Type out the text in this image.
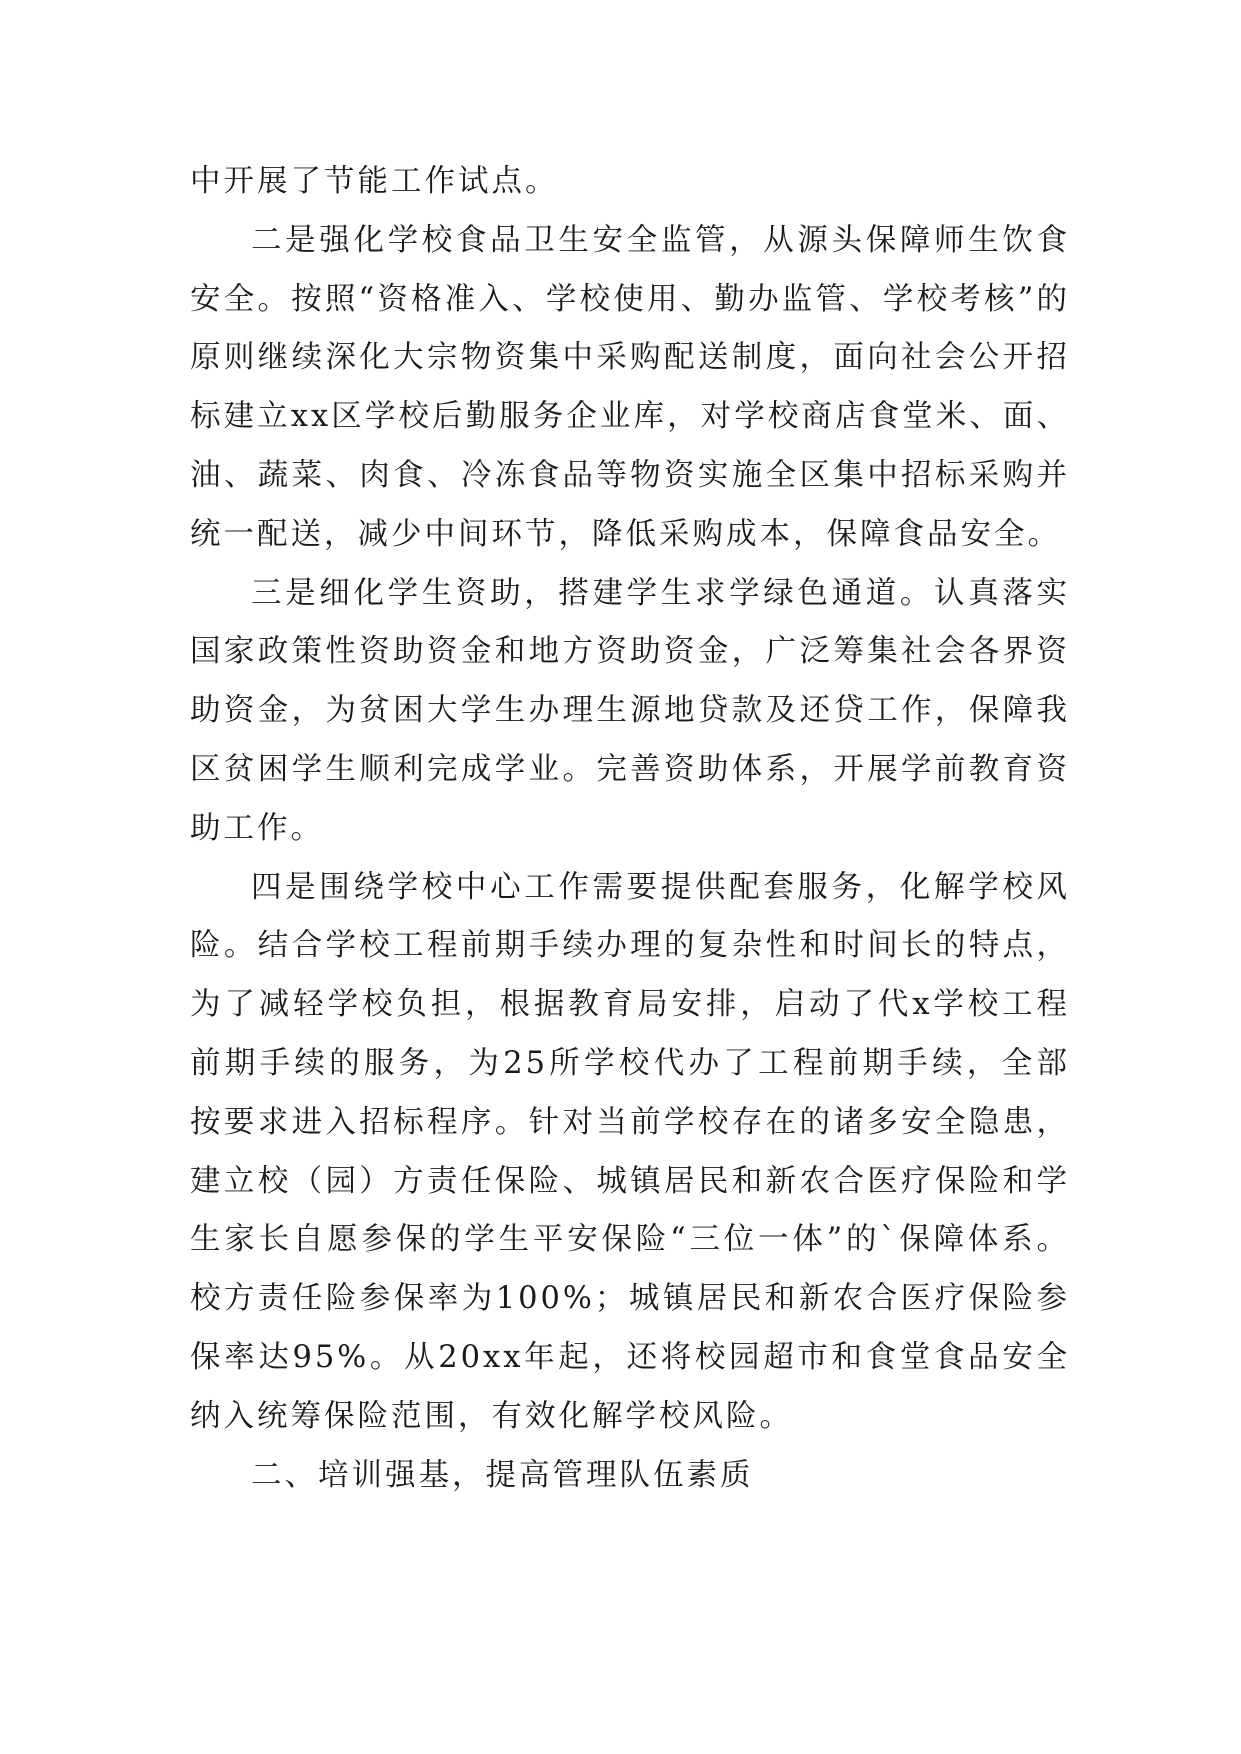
中开展了节能工作试点。

二是强化学校食品卫生安全监管，从源头保障师生饮食安全。按照“资格准入、学校使用、勤办监管、学校考核”的原则继续深化大宗物资集中采购配送制度，面向社会公开招标建立xx区学校后勤服务企业库，对学校商店食堂米、面、油、蔬菜、肉食、冷冻食品等物资实施全区集中招标采购并统一配送，减少中间环节，降低采购成本，保障食品安全。

三是细化学生资助，搭建学生求学绿色通道。认真落实国家政策性资助资金和地方资助资金，广泛筹集社会各界资助资金，为贫困大学生办理生源地贷款及还贷工作，保障我区贫困学生顺利完成学业。完善资助体系，开展学前教育资助工作。

四是围绕学校中心工作需要提供配套服务，化解学校风险。结合学校工程前期手续办理的复杂性和时间长的特点，为了减轻学校负担，根据教育局安排，启动了代x学校工程前期手续的服务，为25所学校代办了工程前期手续，全部按要求进入招标程序。针对当前学校存在的诸多安全隐患，建立校（园）方责任保险、城镇居民和新农合医疗保险和学生家长自愿参保的学生平安保险“三位一体”的`保障体系。校方责任险参保率为100%；城镇居民和新农合医疗保险参保率达95%。从20xx年起，还将校园超市和食堂食品安全纳入统筹保险范围，有效化解学校风险。

二、培训强基，提高管理队伍素质
